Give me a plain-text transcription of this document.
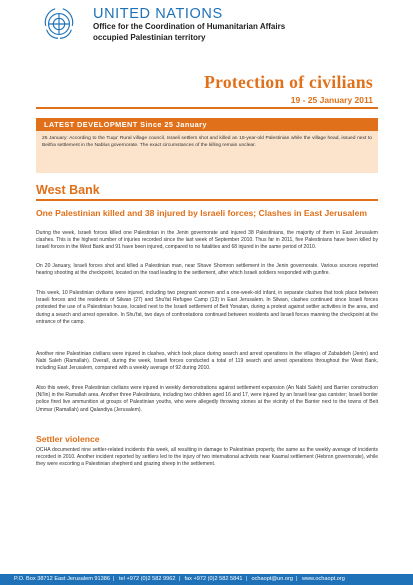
UNITED NATIONS
Office for the Coordination of Humanitarian Affairs
occupied Palestinian territory
Protection of civilians
19 - 25 January 2011
LATEST DEVELOPMENT Since 25 January
25 January: According to the Tuqu' Rural village council, Israeli settlers shot and killed an 18-year-old Palestinian while the village head, issued next to Beitha settlement in the Nablus governorate. The exact circumstances of the killing remain unclear.
West Bank
One Palestinian killed and 38 injured by Israeli forces; Clashes in East Jerusalem
During the week, Israeli forces killed one Palestinian in the Jenin governorate and injured 38 Palestinians, the majority of them in East Jerusalem clashes. This is the highest number of injuries recorded since the last week of September 2010. Thus far in 2011, five Palestinians have been killed by Israeli forces in the West Bank and 91 have been injured, compared to no fatalities and 68 injured in the same period of 2010.
On 20 January, Israeli forces shot and killed a Palestinian man, near Shave Shomron settlement in the Jenin governorate. Various sources reported hearing shooting at the checkpoint, located on the road leading to the settlement, after which Israeli soldiers responded with gunfire.
This week, 10 Palestinian civilians were injured, including two pregnant women and a one-week-old infant, in separate clashes that took place between Israeli forces and the residents of Silwan (27) and Shu'fat Refugee Camp (13) in East Jerusalem. In Silwan, clashes continued since Israeli forces protested the use of a Palestinian house, located next to the Israeli settlement of Beit Yonatan, during a protest against settler activities in the area, and during a search and arrest operation. In Shu'fat, two days of confrontations continued between residents and Israeli forces manning the checkpoint at the entrance of the camp.
Another nine Palestinian civilians were injured in clashes, which took place during search and arrest operations in the villages of Zababdeh (Jenin) and Nabi Saleh (Ramallah). Overall, during the week, Israeli forces conducted a total of 119 search and arrest operations throughout the West Bank, including East Jerusalem, compared with a weekly average of 92 during 2010.
Also this week, three Palestinian civilians were injured in weekly demonstrations against settlement expansion (An Nabi Saleh) and Barrier construction (Ni'lin) in the Ramallah area. Another three Palestinians, including two children aged 16 and 17, were injured by an Israeli tear gas canister; Israeli border police fired live ammunition at groups of Palestinian youths, who were allegedly throwing stones at the vicinity of the Barrier next to the towns of Beit Ummar (Ramallah) and Qalandiya (Jerusalem).
Settler violence
OCHA documented nine settler-related incidents this week, all resulting in damage to Palestinian property, the same as the weekly average of incidents recorded in 2010. Another incident reported by settlers led to the injury of two international activists near Kaamal settlement (Hebron governorate), while they were escorting a Palestinian shepherd and grazing sheep in the settlement.
P.O. Box 38712 East Jerusalem 91386 | tel +972 (0)2 582 9962 | fax +972 (0)2 582 5841 | ochaopt@un.org | www.ochaopt.org
